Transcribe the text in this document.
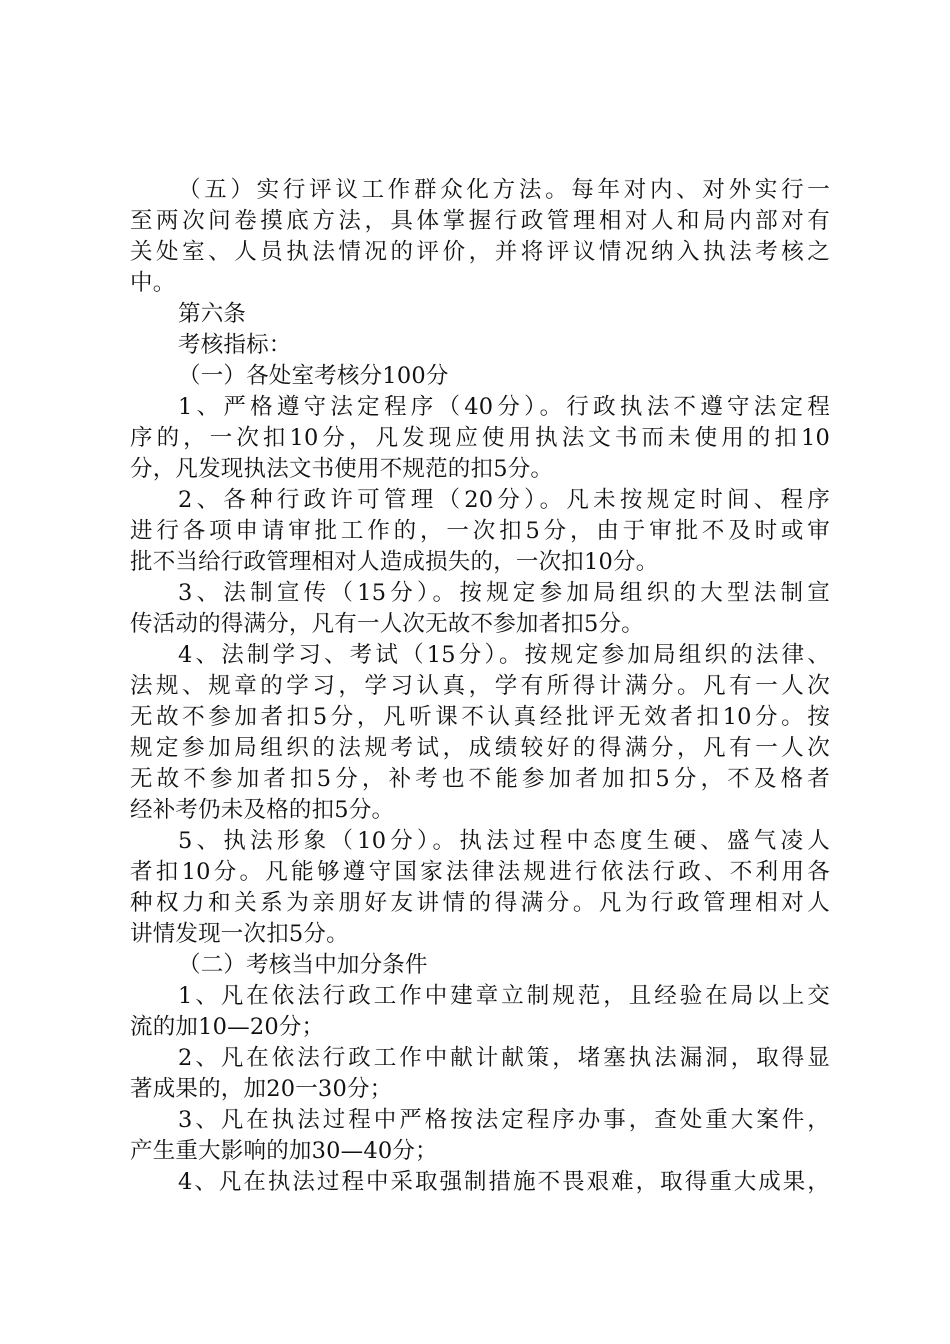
（五）实行评议工作群众化方法。每年对内、对外实行一
至两次问卷摸底方法，具体掌握行政管理相对人和局内部对有
关处室、人员执法情况的评价，并将评议情况纳入执法考核之
中。
第六条
考核指标：
（一）各处室考核分100分
1、严格遵守法定程序（40分）。行政执法不遵守法定程
序的，一次扣10分，凡发现应使用执法文书而未使用的扣10
分，凡发现执法文书使用不规范的扣5分。
2、各种行政许可管理（20分）。凡未按规定时间、程序
进行各项申请审批工作的，一次扣5分，由于审批不及时或审
批不当给行政管理相对人造成损失的，一次扣10分。
3、法制宣传（15分）。按规定参加局组织的大型法制宣
传活动的得满分，凡有一人次无故不参加者扣5分。
4、法制学习、考试（15分）。按规定参加局组织的法律、
法规、规章的学习，学习认真，学有所得计满分。凡有一人次
无故不参加者扣5分，凡听课不认真经批评无效者扣10分。按
规定参加局组织的法规考试，成绩较好的得满分，凡有一人次
无故不参加者扣5分，补考也不能参加者加扣5分，不及格者
经补考仍未及格的扣5分。
5、执法形象（10分）。执法过程中态度生硬、盛气凌人
者扣10分。凡能够遵守国家法律法规进行依法行政、不利用各
种权力和关系为亲朋好友讲情的得满分。凡为行政管理相对人
讲情发现一次扣5分。
（二）考核当中加分条件
1、凡在依法行政工作中建章立制规范，且经验在局以上交
流的加10—20分；
2、凡在依法行政工作中献计献策，堵塞执法漏洞，取得显
著成果的，加20一30分；
3、凡在执法过程中严格按法定程序办事，查处重大案件，
产生重大影响的加30—40分；
4、凡在执法过程中采取强制措施不畏艰难，取得重大成果，
